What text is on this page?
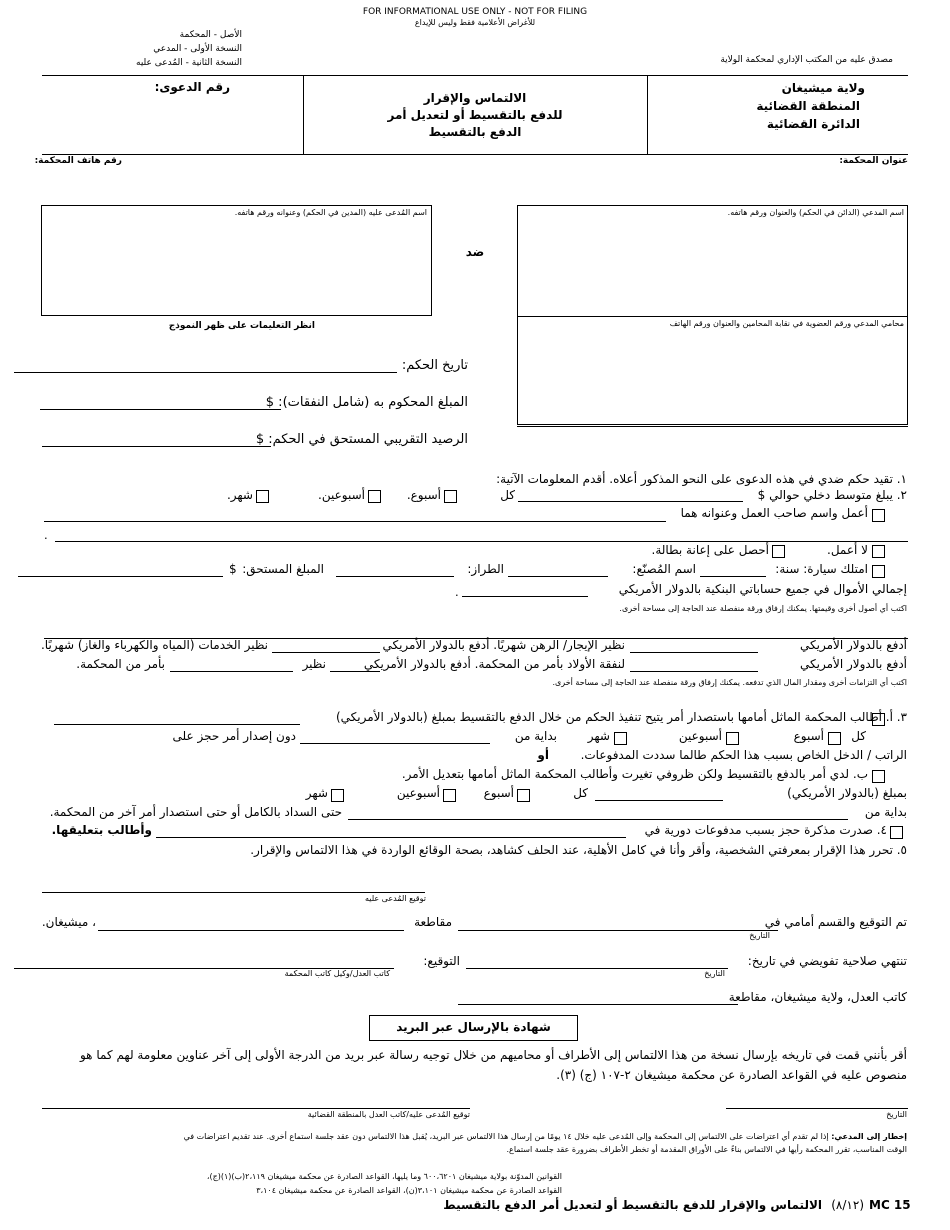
FOR INFORMATIONAL USE ONLY - NOT FOR FILING
للأغراض الأعلامية فقط وليس للإيداع
الأصل - المحكمة
النسخة الأولى - المدعي
النسخة الثانية - المُدعى عليه	مصدق عليه من المكتب الإداري لمحكمة الولاية
ولاية ميشيغان
المنطقة القضائية
الدائرة القضائية
الالتماس والإقرار
للدفع بالتقسيط أو لتعديل أمر
الدفع بالتقسيط
رقم الدعوى:
عنوان المحكمة:
رقم هاتف المحكمة:
اسم المدعي (الدائن في الحكم) والعنوان ورقم هاتفه.
محامي المدعي ورقم العضوية في نقابة المحامين والعنوان ورقم الهاتف
اسم المُدعى عليه (المدين في الحكم) وعنوانه ورقم هاتفه.
ضد
انظر التعليمات على ظهر النموذج
تاريخ الحكم:
المبلغ المحكوم به (شامل النفقات): $
الرصيد التقريبي المستحق في الحكم: $
١. تقيد حكم ضدي في هذه الدعوى على النحو المذكور أعلاه. أقدم المعلومات الآتية:
٢. يبلغ متوسط دخلي حوالي $
كل
أسبوع.
أسبوعين.
شهر.
أعمل واسم صاحب العمل وعنوانه هما
.
لا أعمل.
أحصل على إعانة بطالة.
امتلك سيارة: سنة:
اسم المُصنّع:
الطراز:
المبلغ المستحق:
$
إجمالي الأموال في جميع حساباتي البنكية بالدولار الأمريكي
.
اكتب أي أصول أخرى وقيمتها. يمكنك إرفاق ورقة منفصلة عند الحاجة إلى مساحة أخرى.
أدفع بالدولار الأمريكي
نظير الإيجار/ الرهن شهريًا. أدفع بالدولار الأمريكي
نظير الخدمات (المياه والكهرباء والغاز) شهريًا.
أدفع بالدولار الأمريكي
لنفقة الأولاد بأمر من المحكمة. أدفع بالدولار الأمريكي
نظير
بأمر من المحكمة.
اكتب أي التزامات أخرى ومقدار المال الذي تدفعه. يمكنك إرفاق ورقة منفصلة عند الحاجة إلى مساحة أخرى.
٣. أ. أطالب المحكمة الماثل أمامها باستصدار أمر يتيح تنفيذ الحكم من خلال الدفع بالتقسيط بمبلغ (بالدولار الأمريكي)
كل
أسبوع
أسبوعين
شهر
بداية من
دون إصدار أمر حجز على
الراتب / الدخل الخاص بسبب هذا الحكم طالما سددت المدفوعات.
أو
ب. لدي أمر بالدفع بالتقسيط ولكن ظروفي تغيرت وأطالب المحكمة الماثل أمامها بتعديل الأمر.
بمبلغ (بالدولار الأمريكي)
كل
أسبوع
أسبوعين
شهر
بداية من
حتى السداد بالكامل أو حتى استصدار أمر آخر من المحكمة.
٤. صدرت مذكرة حجز بسبب مدفوعات دورية في
وأطالب بتعليقها.
٥. تحرر هذا الإقرار بمعرفتي الشخصية، وأقر وأنا في كامل الأهلية، عند الحلف كشاهد، بصحة الوقائع الواردة في هذا الالتماس والإقرار.
توقيع المُدعى عليه
تم التوقيع والقسم أمامي في
التاريخ
مقاطعة
، ميشيغان.
تنتهي صلاحية تفويضي في تاريخ:
التاريخ
التوقيع:
كاتب العدل/وكيل كاتب المحكمة
كاتب العدل، ولاية ميشيغان، مقاطعة
شهادة بالإرسال عبر البريد
أقر بأنني قمت في تاريخه بإرسال نسخة من هذا الالتماس إلى الأطراف أو محاميهم من خلال توجيه رسالة عبر بريد من الدرجة الأولى إلى آخر عناوين معلومة لهم كما هو
منصوص عليه في القواعد الصادرة عن محكمة ميشيغان ٢-١٠٧ (ج) (٣).
التاريخ
توقيع المُدعى عليه/كاتب العدل بالمنطقة القضائية
إخطار إلى المدعي: إذا لم تقدم أي اعتراضات على الالتماس إلى المحكمة وإلى المُدعى عليه خلال ١٤ يومًا من إرسال هذا الالتماس عبر البريد، يُقبل هذا الالتماس دون عقد جلسة استماع أخرى. عند تقديم اعتراضات في
الوقت المناسب، تقرر المحكمة رأيها في الالتماس بناءً على الأوراق المقدمة أو تخطر الأطراف بضرورة عقد جلسة استماع.
القوانين المدوّنة بولاية ميشيغان ٦٠٠،٦٢٠١ وما يليها، القواعد الصادرة عن محكمة ميشيغان ٢،١١٩(ب)(١)(ج)،
القواعد الصادرة عن محكمة ميشيغان ٣،١٠١(ن)، القواعد الصادرة عن محكمة ميشيغان ٣،١٠٤
MC 15
(٨/١٢)
الالتماس والإقرار للدفع بالتقسيط أو لتعديل أمر الدفع بالتقسيط
